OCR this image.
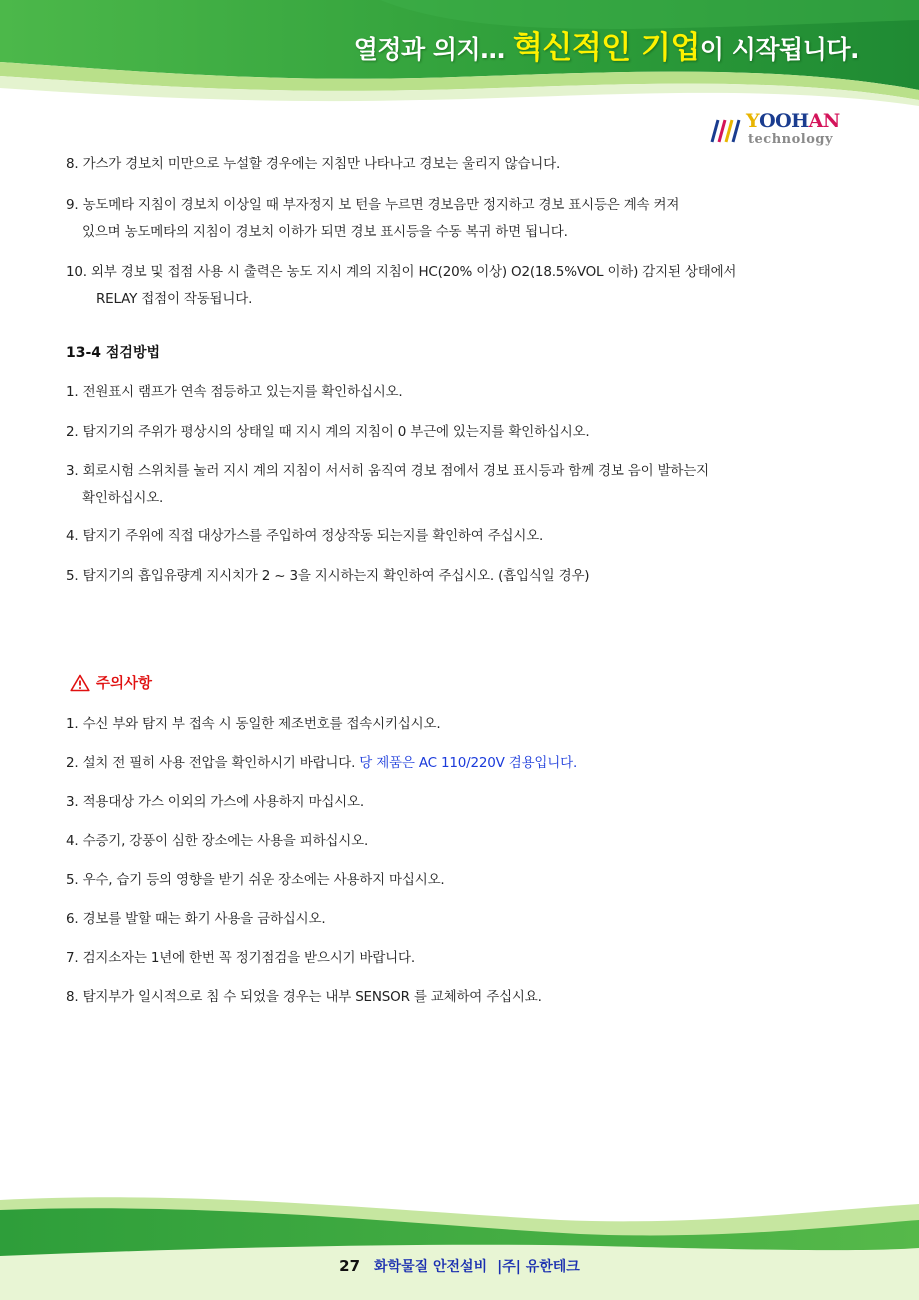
열정과 의지… 혁신적인 기업이 시작됩니다.
YOOHAN
technology
8. 가스가 경보치 미만으로 누설할 경우에는 지침만 나타나고 경보는 울리지 않습니다.
9. 농도메타 지침이 경보치 이상일 때 부자정지 보 턴을 누르면 경보음만 정지하고 경보 표시등은 계속 켜져
있으며 농도메타의 지침이 경보치 이하가 되면 경보 표시등을 수동 복귀 하면 됩니다.
10. 외부 경보 및 접점 사용 시 출력은 농도 지시 계의 지침이 HC(20% 이상) O2(18.5%VOL 이하) 감지된 상태에서
RELAY 접점이 작동됩니다.
13-4 점검방법
1. 전원표시 램프가 연속 점등하고 있는지를 확인하십시오.
2. 탐지기의 주위가 평상시의 상태일 때 지시 계의 지침이 0 부근에 있는지를 확인하십시오.
3. 회로시험 스위치를 눌러 지시 계의 지침이 서서히 움직여 경보 점에서 경보 표시등과 함께 경보 음이 발하는지
확인하십시오.
4. 탐지기 주위에 직접 대상가스를 주입하여 정상작동 되는지를 확인하여 주십시오.
5. 탐지기의 흡입유량계 지시치가 2 ~ 3을 지시하는지 확인하여 주십시오. (흡입식일 경우)
주의사항
1. 수신 부와 탐지 부 접속 시 동일한 제조번호를 접속시키십시오.
2. 설치 전 필히 사용 전압을 확인하시기 바랍니다. 당 제품은 AC 110/220V 겸용입니다.
3. 적용대상 가스 이외의 가스에 사용하지 마십시오.
4. 수증기, 강풍이 심한 장소에는 사용을 피하십시오.
5. 우수, 습기 등의 영향을 받기 쉬운 장소에는 사용하지 마십시오.
6. 경보를 발할 때는 화기 사용을 금하십시오.
7. 검지소자는 1년에 한번 꼭 정기점검을 받으시기 바랍니다.
8. 탐지부가 일시적으로 침 수 되었을 경우는 내부 SENSOR 를 교체하여 주십시요.
27 화학물질 안전설비 |주| 유한테크
